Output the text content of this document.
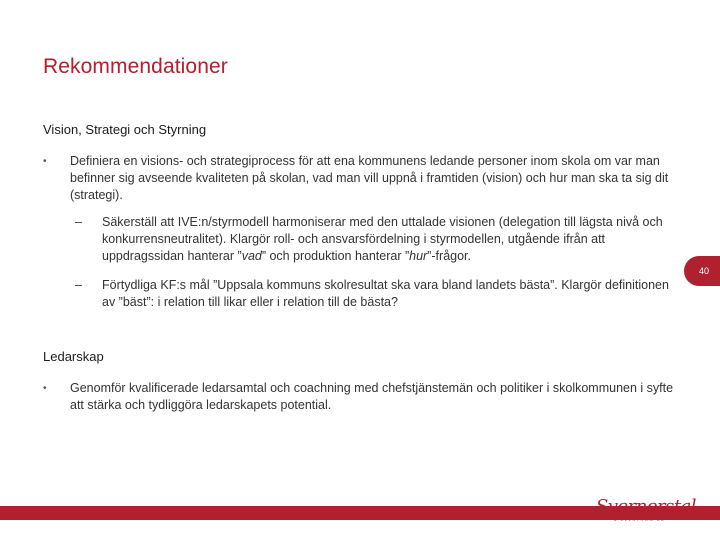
Rekommendationer
Vision, Strategi och Styrning
• Definiera en visions- och strategiprocess för att ena kommunens ledande personer inom skola om var man befinner sig avseende kvaliteten på skolan, vad man vill uppnå i framtiden (vision) och hur man ska ta sig dit (strategi).
– Säkerställ att IVE:n/styrmodell harmoniserar med den uttalade visionen (delegation till lägsta nivå och konkurrensneutralitet). Klargör roll- och ansvarsfördelning i styrmodellen, utgående ifrån att uppdragssidan hanterar ”vad” och produktion hanterar ”hur”-frågor.
– Förtydliga KF:s mål ”Uppsala kommuns skolresultat ska vara bland landets bästa”. Klargör definitionen av ”bäst”: i relation till likar eller i relation till de bästa?
Ledarskap
• Genomför kvalificerade ledarsamtal och coachning med chefstjänstemän och politiker i skolkommunen i syfte att stärka och tydliggöra ledarskapets potential.
40
Svernerstal
& ELLSTRÖM AB
